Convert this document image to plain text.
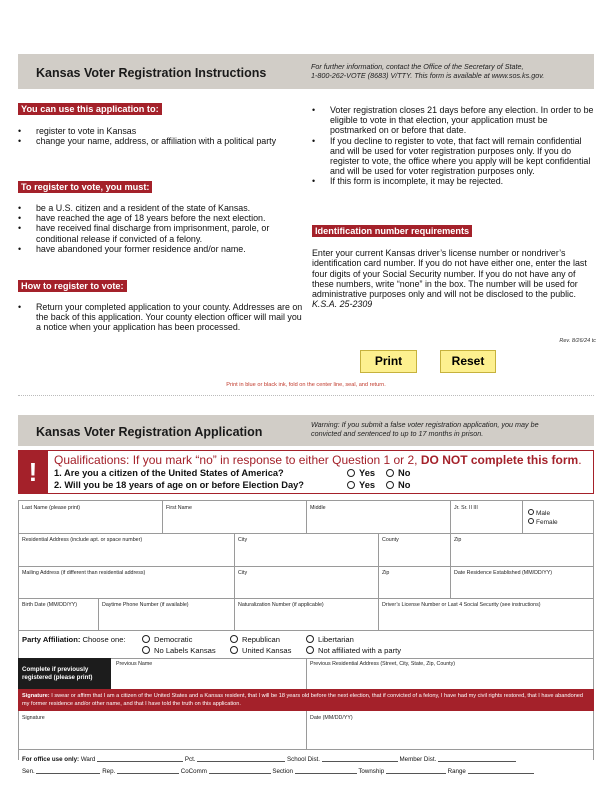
Kansas Voter Registration Instructions	For further information, contact the Office of the Secretary of State,
1-800-262-VOTE (8683) V/TTY. This form is available at www.sos.ks.gov.
You can use this application to:
• register to vote in Kansas
• change your name, address, or affiliation with a political party
To register to vote, you must:
• be a U.S. citizen and a resident of the state of Kansas.
• have reached the age of 18 years before the next election.
• have received final discharge from imprisonment, parole, or conditional release if convicted of a felony.
• have abandoned your former residence and/or name.
How to register to vote:
• Return your completed application to your county. Addresses are on the back of this application. Your county election officer will mail you a notice when your application has been processed.
• Voter registration closes 21 days before any election. In order to be eligible to vote in that election, your application must be postmarked on or before that date.
• If you decline to register to vote, that fact will remain confidential and will be used for voter registration purposes only. If you do register to vote, the office where you apply will be kept confidential and will be used for voter registration purposes only.
• If this form is incomplete, it may be rejected.
Identification number requirements
Enter your current Kansas driver’s license number or nondriver’s identification card number. If you do not have either one, enter the last four digits of your Social Security number. If you do not have any of these numbers, write “none” in the box. The number will be used for administrative purposes only and will not be disclosed to the public. K.S.A. 25-2309
Rev. 8/26/24 tc
Print	Reset
Print in blue or black ink, fold on the center line, seal, and return.
Kansas Voter Registration Application
Warning: If you submit a false voter registration application, you may be
convicted and sentenced to up to 17 months in prison.
!	Qualifications: If you mark “no” in response to either Question 1 or 2, DO NOT complete this form.
1. Are you a citizen of the United States of America?	Yes	No
2. Will you be 18 years of age on or before Election Day?	Yes	No
Last Name (please print)	First Name	Middle	Jr. Sr. II III
Male
Female
Residential Address (include apt. or space number)	City	County	Zip
Mailing Address (if different than residential address)	City	Zip	Date Residence Established (MM/DD/YY)
Birth Date (MM/DD/YY)	Daytime Phone Number (if available)	Naturalization Number (if applicable)	Driver’s License Number or Last 4 Social Security (see instructions)
Party Affiliation: Choose one:	Democratic	Republican	Libertarian
No Labels Kansas	United Kansas	Not affiliated with a party
Complete if previously registered (please print)
Previous Name	Previous Residential Address (Street, City, State, Zip, County)
Signature: I swear or affirm that I am a citizen of the United States and a Kansas resident, that I will be 18 years old before the next election, that if convicted of a felony, I have had my civil rights restored, that I have abandoned my former residence and/or other name, and that I have told the truth on this application.
Signature	Date (MM/DD/YY)
For office use only: Ward	Pct.	School Dist.	Member Dist.
Sen.	Rep.	CoComm	Section	Township	Range
